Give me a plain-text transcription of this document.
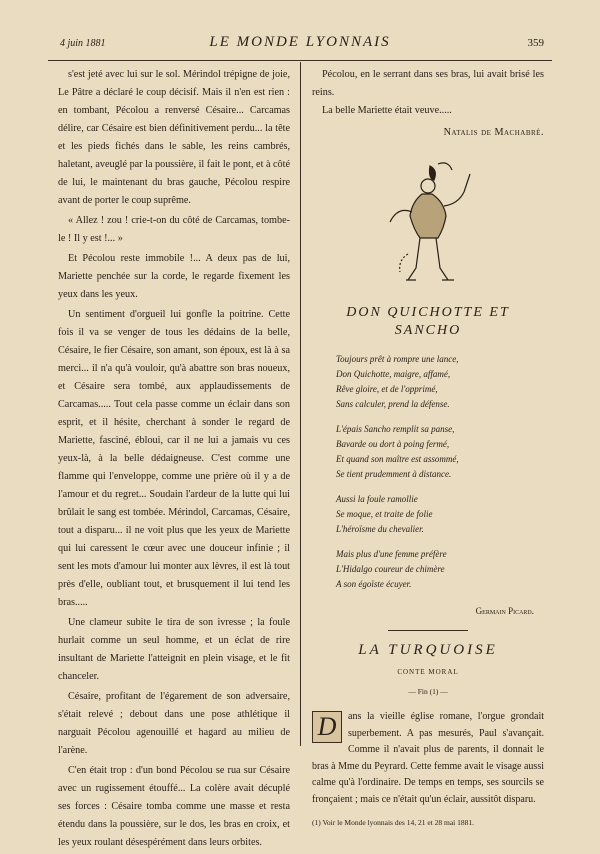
4 juin 1881	LE MONDE LYONNAIS	359

s'est jeté avec lui sur le sol. Mérindol trépigne de joie, Le Pâtre a déclaré le coup décisif. Mais il n'en est rien : en tombant, Pécolou a renversé Césaire... Carcamas délire, car Césaire est bien définitivement perdu... la tête et les pieds fichés dans le sable, les reins cambrés, haletant, aveuglé par la poussière, il fait le pont, et à côté de lui, le maintenant du bras gauche, Pécolou respire avant de porter le coup suprême.

« Allez ! zou ! crie-t-on du côté de Carcamas, tombe-le ! Il y est !... »

Et Pécolou reste immobile !... A deux pas de lui, Mariette penchée sur la corde, le regarde fixement les yeux dans les yeux.

Un sentiment d'orgueil lui gonfle la poitrine. Cette fois il va se venger de tous les dédains de la belle, Césaire, le fier Césaire, son amant, son époux, est là à sa merci... il n'a qu'à vouloir, qu'à abattre son bras noueux, et Césaire sera tombé, aux applaudissements de Carcamas..... Tout cela passe comme un éclair dans son esprit, et il hésite, cherchant à sonder le regard de Mariette, fasciné, ébloui, car il ne lui a jamais vu ces yeux-là, à la belle dédaigneuse. C'est comme une flamme qui l'enveloppe, comme une prière où il y a de l'amour et du regret... Soudain l'ardeur de la lutte qui lui brûlait le sang est tombée. Mérindol, Carcamas, Césaire, tout a disparu... il ne voit plus que les yeux de Mariette qui lui caressent le cœur avec une douceur infinie ; il sent les mots d'amour lui monter aux lèvres, il est là tout près d'elle, oubliant tout, et brusquement il lui tend les bras.....

Une clameur subite le tira de son ivresse ; la foule hurlait comme un seul homme, et un éclat de rire insultant de Mariette l'atteignit en plein visage, et le fit chanceler.

Césaire, profitant de l'égarement de son adversaire, s'était relevé ; debout dans une pose athlétique il narguait Pécolou agenouillé et hagard au milieu de l'arène.

C'en était trop : d'un bond Pécolou se rua sur Césaire avec un rugissement étouffé... La colère avait décuplé ses forces : Césaire tomba comme une masse et resta étendu dans la poussière, sur le dos, les bras en croix, et les yeux roulant désespérément dans leurs orbites.

Pécolou, en le serrant dans ses bras, lui avait brisé les reins.

La belle Mariette était veuve.....

Natalis de Machabré.
DON QUICHOTTE ET SANCHO
Toujours prêt à rompre une lance,
Don Quichotte, maigre, affamé,
Rêve gloire, et de l'opprimé,
Sans calculer, prend la défense.
L'épais Sancho remplit sa panse,
Bavarde ou dort à poing fermé,
Et quand son maître est assommé,
Se tient prudemment à distance.
Aussi la foule ramollie
Se moque, et traite de folie
L'héroïsme du chevalier.
Mais plus d'une femme préfère
L'Hidalgo coureur de chimère
A son égoïste écuyer.
Germain Picard.
LA TURQUOISE
CONTE MORAL
— Fin (1) —
D	ans la vieille église romane, l'orgue grondait superbement. A pas mesurés, Paul s'avançait. Comme il n'avait plus de parents, il donnait le bras à Mme du Peyrard. Cette femme avait le visage aussi calme qu'à l'ordinaire. De temps en temps, ses sourcils se fronçaient ; mais ce n'était qu'un éclair, aussitôt disparu.
(1) Voir le Monde lyonnais des 14, 21 et 28 mai 1881.
